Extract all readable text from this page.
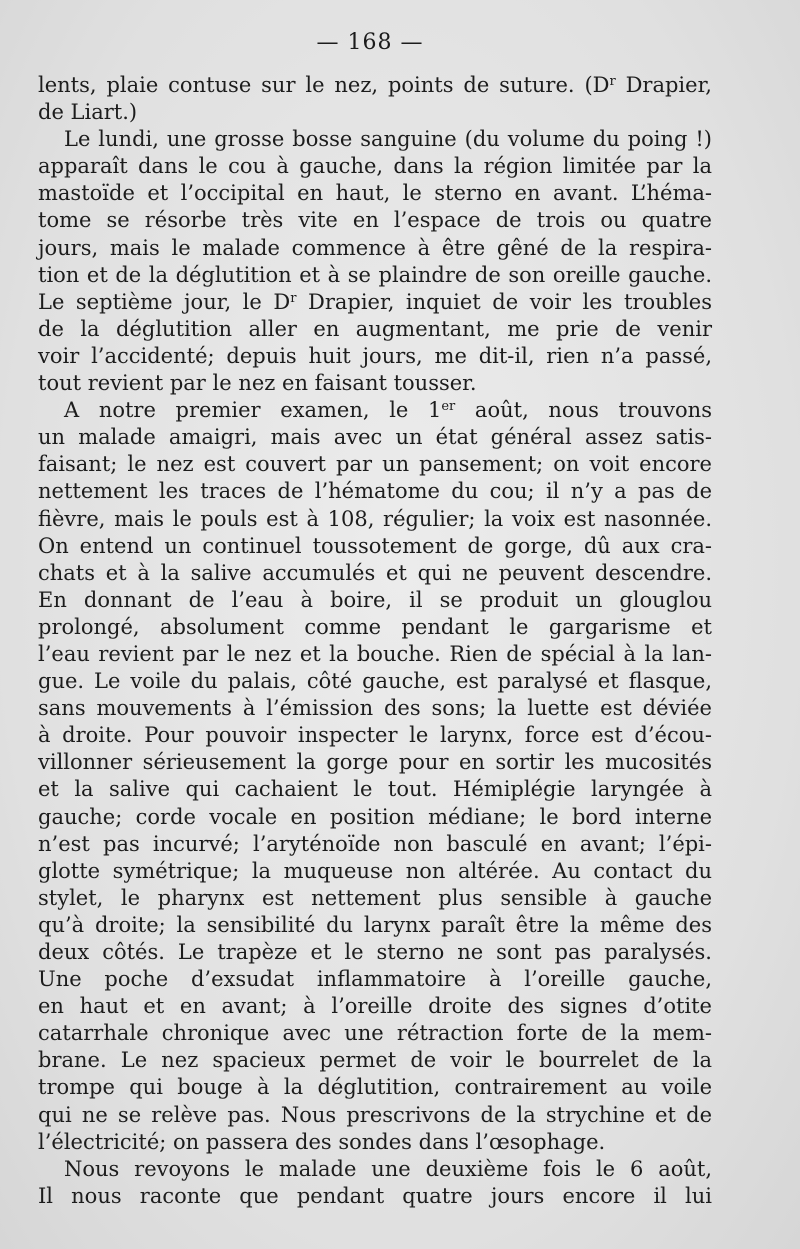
— 168 —

lents, plaie contuse sur le nez, points de suture. ($D^r$ Drapier,
de Liart.)

Le lundi, une grosse bosse sanguine (du volume du poing !)
apparaît dans le cou à gauche, dans la région limitée par la
mastoïde et l’occipital en haut, le sterno en avant. L’héma-
tome se résorbe très vite en l’espace de trois ou quatre
jours, mais le malade commence à être gêné de la respira-
tion et de la déglutition et à se plaindre de son oreille gauche.
Le septième jour, le $D^r$ Drapier, inquiet de voir les troubles
de la déglutition aller en augmentant, me prie de venir
voir l’accidenté; depuis huit jours, me dit-il, rien n’a passé,
tout revient par le nez en faisant tousser.

A notre premier examen, le 1er août, nous trouvons
un malade amaigri, mais avec un état général assez satis-
faisant; le nez est couvert par un pansement; on voit encore
nettement les traces de l’hématome du cou; il n’y a pas de
fièvre, mais le pouls est à 108, régulier; la voix est nasonnée.
On entend un continuel toussotement de gorge, dû aux cra-
chats et à la salive accumulés et qui ne peuvent descendre.
En donnant de l’eau à boire, il se produit un glouglou
prolongé, absolument comme pendant le gargarisme et
l’eau revient par le nez et la bouche. Rien de spécial à la lan-
gue. Le voile du palais, côté gauche, est paralysé et flasque,
sans mouvements à l’émission des sons; la luette est déviée
à droite. Pour pouvoir inspecter le larynx, force est d’écou-
villonner sérieusement la gorge pour en sortir les mucosités
et la salive qui cachaient le tout. Hémiplégie laryngée à
gauche; corde vocale en position médiane; le bord interne
n’est pas incurvé; l’aryténoïde non basculé en avant; l’épi-
glotte symétrique; la muqueuse non altérée. Au contact du
stylet, le pharynx est nettement plus sensible à gauche
qu’à droite; la sensibilité du larynx paraît être la même des
deux côtés. Le trapèze et le sterno ne sont pas paralysés.
Une poche d’exsudat inflammatoire à l’oreille gauche,
en haut et en avant; à l’oreille droite des signes d’otite
catarrhale chronique avec une rétraction forte de la mem-
brane. Le nez spacieux permet de voir le bourrelet de la
trompe qui bouge à la déglutition, contrairement au voile
qui ne se relève pas. Nous prescrivons de la strychine et de
l’électricité; on passera des sondes dans l’œsophage.

Nous revoyons le malade une deuxième fois le 6 août,
Il nous raconte que pendant quatre jours encore il lui
